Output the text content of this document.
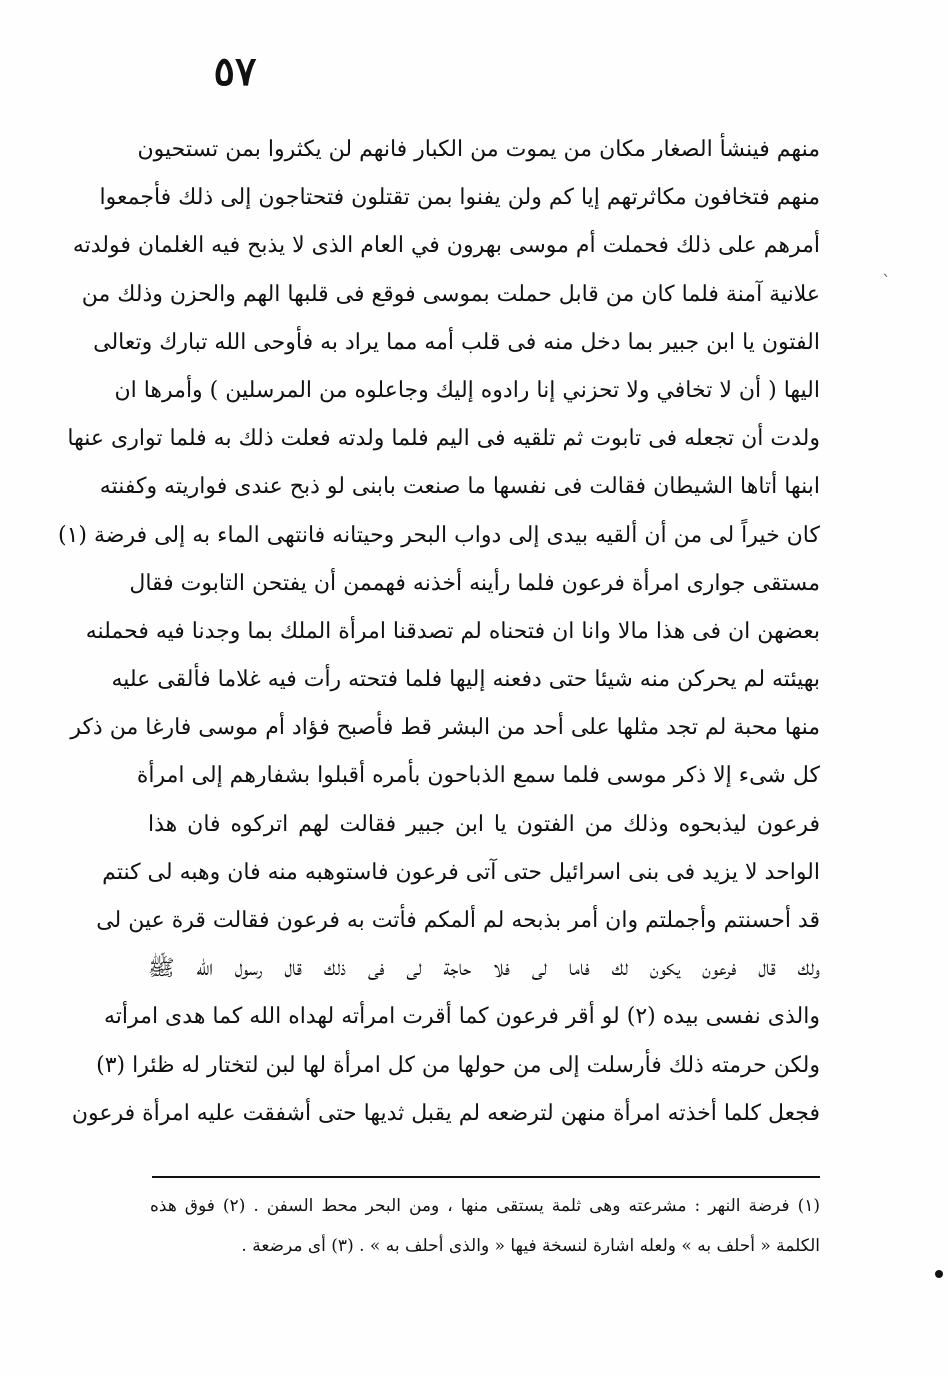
٥٧
ˋ
منهم فينشأ الصغار مكان من يموت من الكبار فانهم لن يكثروا بمن تستحيون
منهم فتخافون مكاثرتهم إيا كم ولن يفنوا بمن تقتلون فتحتاجون إلى ذلك فأجمعوا
أمرهم على ذلك فحملت أم موسى بهرون في العام الذى لا يذبح فيه الغلمان فولدته
علانية آمنة فلما كان من قابل حملت بموسى فوقع فى قلبها الهم والحزن وذلك من
الفتون يا ابن جبير بما دخل منه فى قلب أمه مما يراد به فأوحى الله تبارك وتعالى
اليها ( أن لا تخافي ولا تحزني إنا رادوه إليك وجاعلوه من المرسلين ) وأمرها ان
ولدت أن تجعله فى تابوت ثم تلقيه فى اليم فلما ولدته فعلت ذلك به فلما توارى عنها
ابنها أتاها الشيطان فقالت فى نفسها ما صنعت بابنى لو ذبح عندى فواريته وكفنته
كان خيراً لى من أن ألقيه بيدى إلى دواب البحر وحيتانه فانتهى الماء به إلى فرضة (١)
مستقى جوارى امرأة فرعون فلما رأينه أخذنه فهممن أن يفتحن التابوت فقال
بعضهن ان فى هذا مالا وانا ان فتحناه لم تصدقنا امرأة الملك بما وجدنا فيه فحملنه
بهيئته لم يحركن منه شيئا حتى دفعنه إليها فلما فتحته رأت فيه غلاما فألقى عليه
منها محبة لم تجد مثلها على أحد من البشر قط فأصبح فؤاد أم موسى فارغا من ذكر
كل شىء إلا ذكر موسى فلما سمع الذباحون بأمره أقبلوا بشفارهم إلى امرأة
فرعون ليذبحوه وذلك من الفتون يا ابن جبير فقالت لهم اتركوه فان هذا
الواحد لا يزيد فى بنى اسرائيل حتى آتى فرعون فاستوهبه منه فان وهبه لى كنتم
قد أحسنتم وأجملتم وان أمر بذبحه لم ألمكم فأتت به فرعون فقالت قرة عين لى
ولك قال فرعون يكون لك فاما لى فلا حاجة لى فى ذلك قال رسول الله ﷺ
والذى نفسى بيده (٢) لو أقر فرعون كما أقرت امرأته لهداه الله كما هدى امرأته
ولكن حرمته ذلك فأرسلت إلى من حولها من كل امرأة لها لبن لتختار له ظئرا (٣)
فجعل كلما أخذته امرأة منهن لترضعه لم يقبل ثديها حتى أشفقت عليه امرأة فرعون
(١) فرضة النهر : مشرعته وهى ثلمة يستقى منها ، ومن البحر محط السفن . (٢) فوق هذه
الكلمة « أحلف به » ولعله اشارة لنسخة فيها « والذى أحلف به » . (٣) أى مرضعة .
